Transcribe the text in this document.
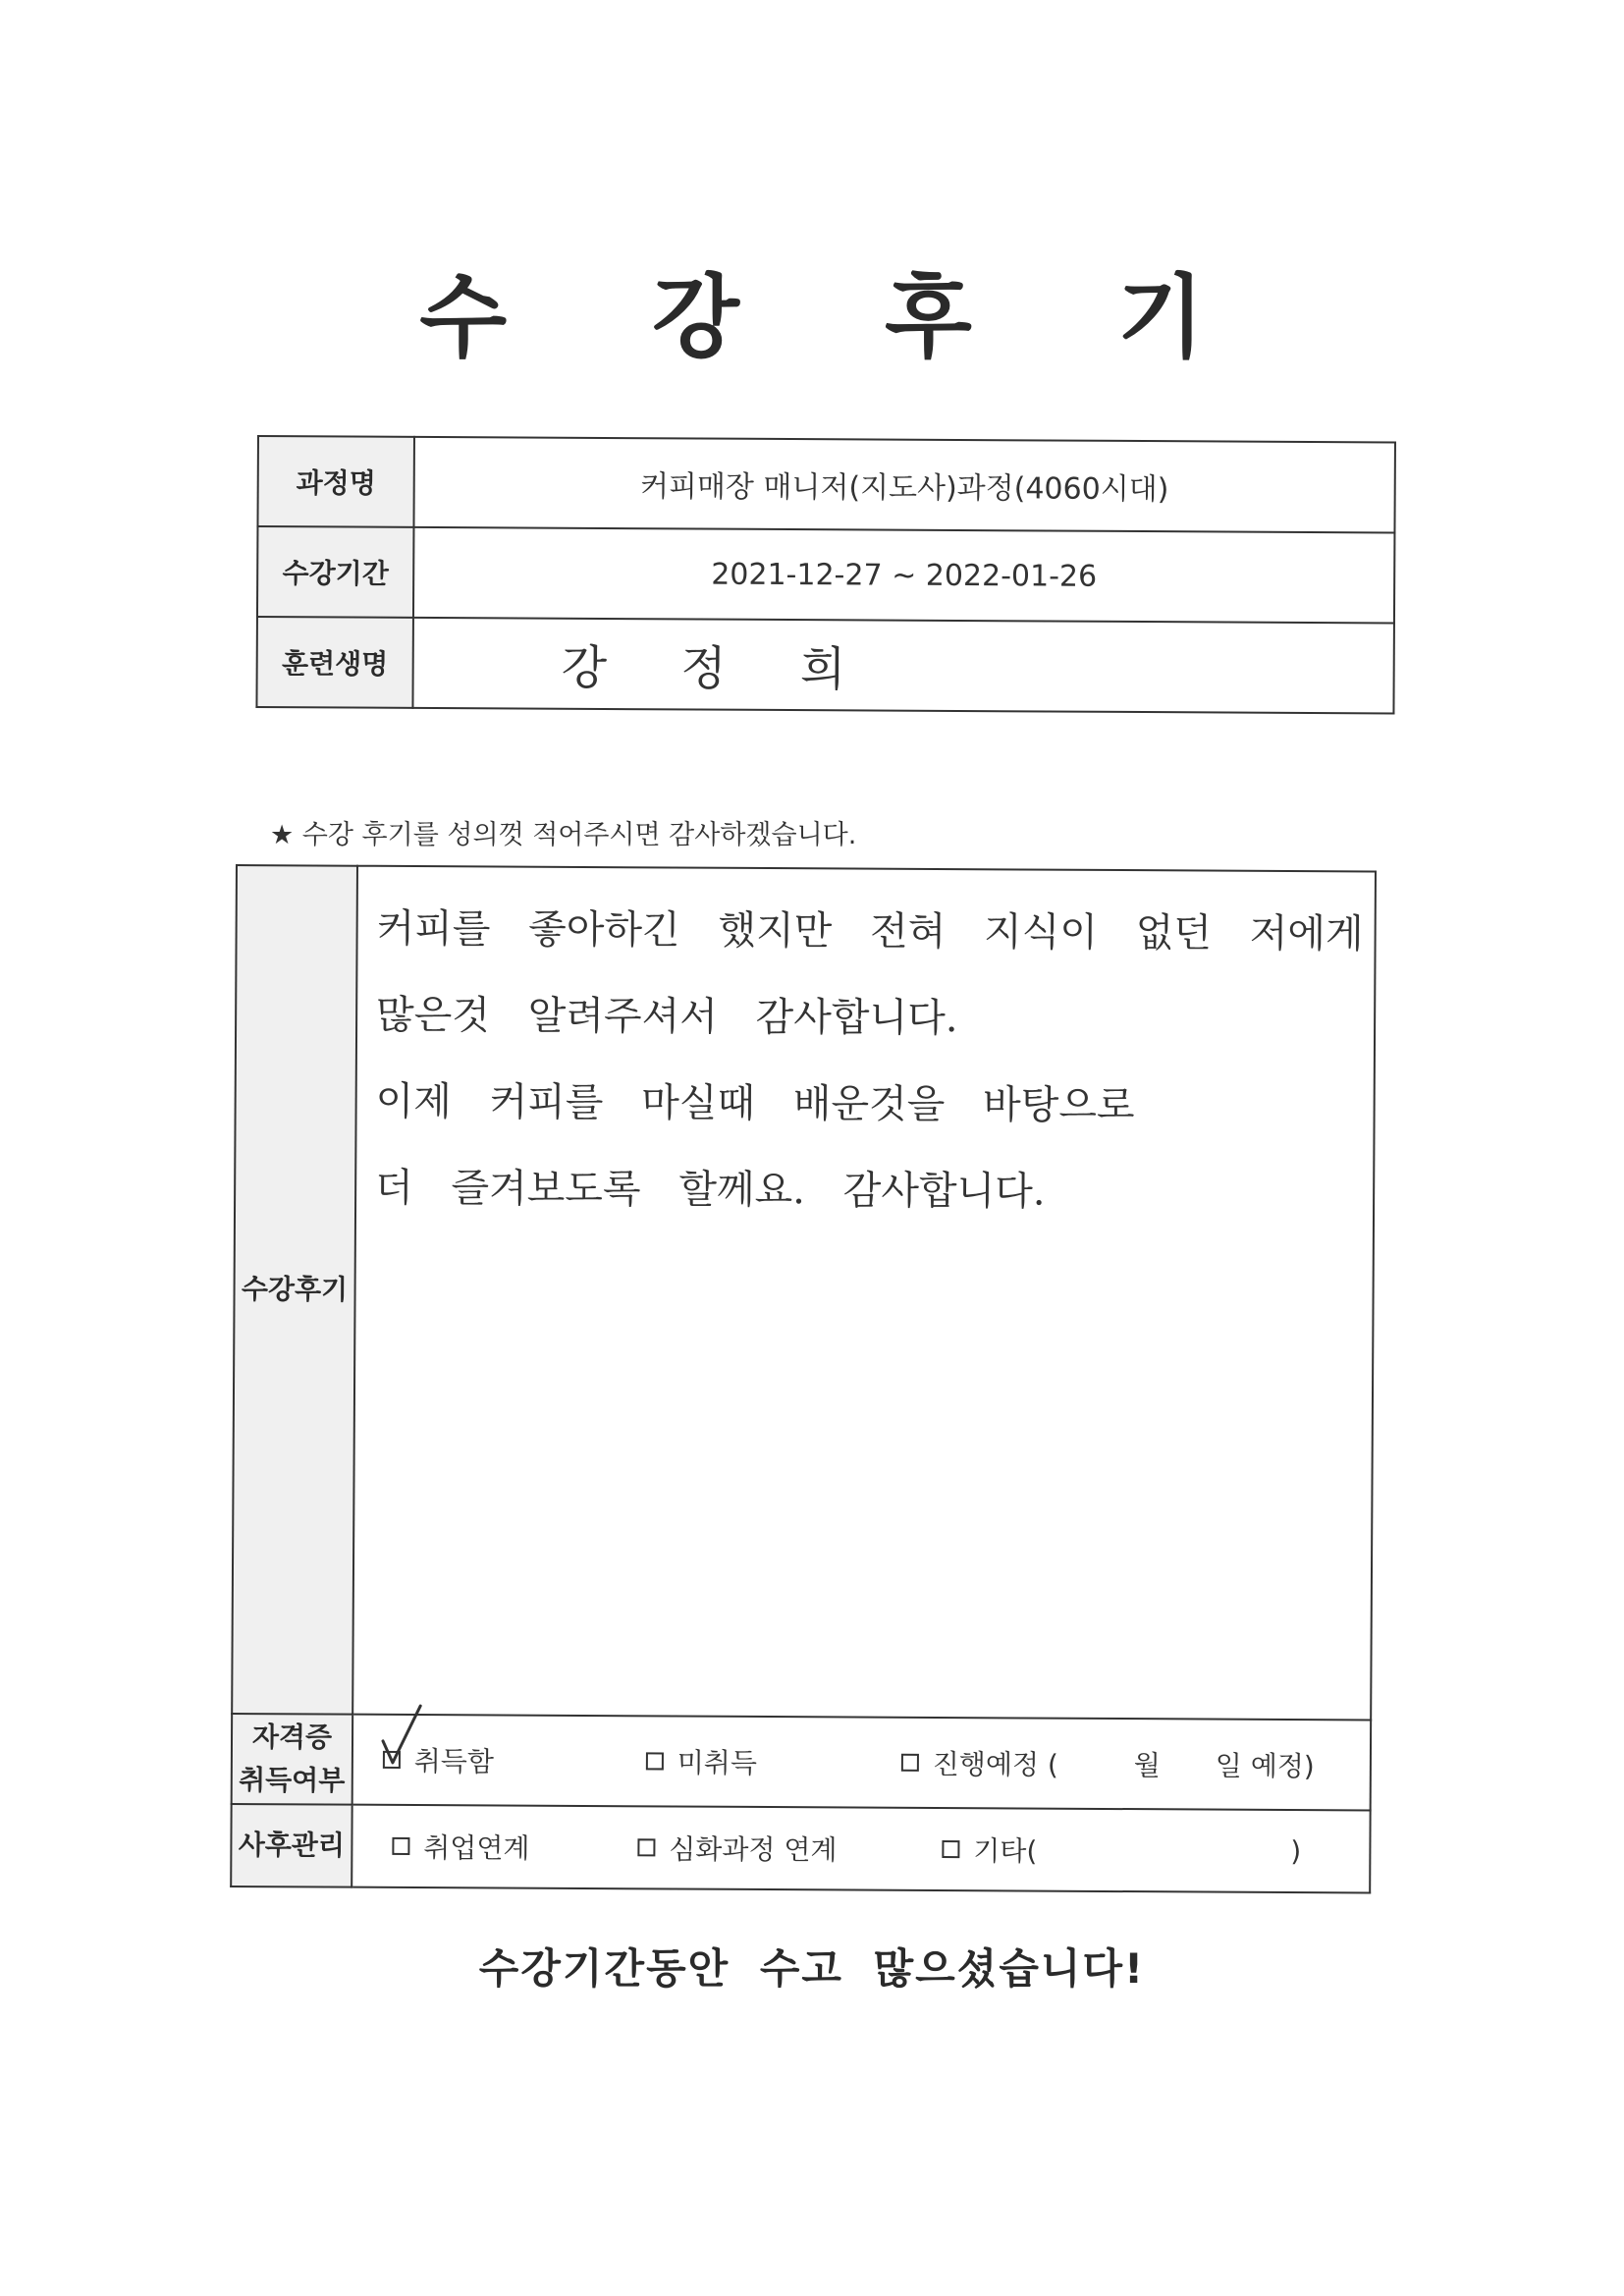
수 강 후 기
과정명	커피매장 매니저(지도사)과정(4060시대)
수강기간	2021-12-27 ~ 2022-01-26
훈련생명	강 정 희
★ 수강 후기를 성의껏 적어주시면 감사하겠습니다.
수강후기	커피를 좋아하긴 했지만 전혀 지식이 없던 저에게
많은것 알려주셔서 감사합니다.
이제 커피를 마실때 배운것을 바탕으로
더 즐겨보도록 할께요. 감사합니다.

자격증
취득여부	취득함 미취득 진행예정 ( 월 일 예정)

사후관리	취업연계 심화과정 연계 기타( )
수강기간동안 수고 많으셨습니다!
